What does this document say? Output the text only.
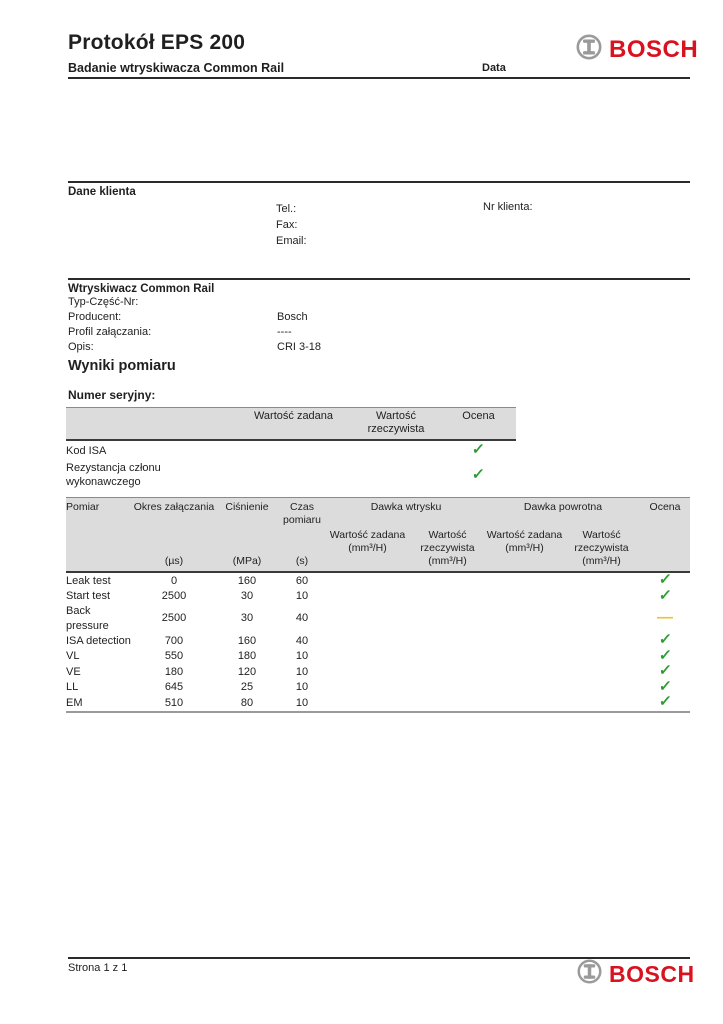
Protokół EPS 200
Badanie wtryskiwacza Common Rail	Data
BOSCH
Dane klienta
Tel.:
Fax:
Email:
Nr klienta:
Wtryskiwacz Common Rail
Typ-Część-Nr:
Producent:	Bosch
Profil załączania:	----
Opis:	CRI 3-18
Wyniki pomiaru
Numer seryjny:
	Wartość zadana	Wartość rzeczywista	Ocena
Kod ISA			✓
Rezystancja członu wykonawczego			✓
Pomiar	Okres załączania	Ciśnienie	Czas pomiaru	Dawka wtrysku		Dawka powrotna		Ocena
				Wartość zadana (mm³/H)	Wartość rzeczywista	Wartość zadana (mm³/H)	Wartość rzeczywista	
	(µs)	(MPa)	(s)		(mm³/H)		(mm³/H)	
Leak test	0	160	60					✓
Start test	2500	30	10					✓
Back pressure	2500	30	40					—
ISA detection	700	160	40					✓
VL	550	180	10					✓
VE	180	120	10					✓
LL	645	25	10					✓
EM	510	80	10					✓
Strona 1 z 1	BOSCH
